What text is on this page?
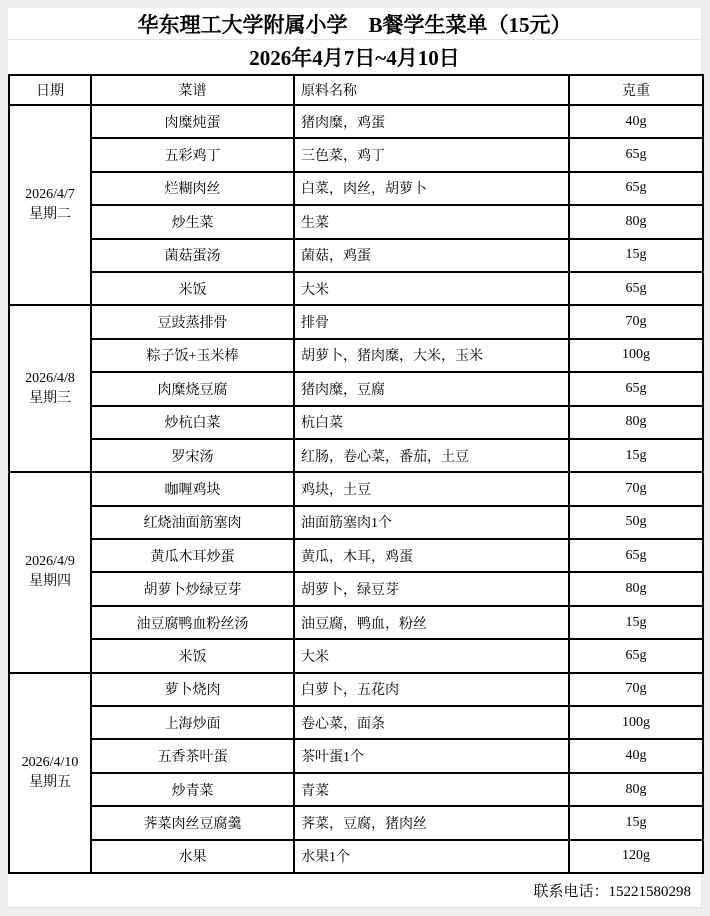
华东理工大学附属小学　B餐学生菜单（15元）
2026年4月7日~4月10日
日期	菜谱	原料名称	克重

2026/4/7
星期二	肉糜炖蛋	猪肉糜，鸡蛋	40g
	五彩鸡丁	三色菜，鸡丁	65g
	烂糊肉丝	白菜，肉丝，胡萝卜	65g
	炒生菜	生菜	80g
	菌菇蛋汤	菌菇，鸡蛋	15g
	米饭	大米	65g

2026/4/8
星期三	豆豉蒸排骨	排骨	70g
	粽子饭+玉米棒	胡萝卜，猪肉糜，大米，玉米	100g
	肉糜烧豆腐	猪肉糜，豆腐	65g
	炒杭白菜	杭白菜	80g
	罗宋汤	红肠，卷心菜，番茄，土豆	15g

2026/4/9
星期四	咖喱鸡块	鸡块，土豆	70g
	红烧油面筋塞肉	油面筋塞肉1个	50g
	黄瓜木耳炒蛋	黄瓜，木耳，鸡蛋	65g
	胡萝卜炒绿豆芽	胡萝卜，绿豆芽	80g
	油豆腐鸭血粉丝汤	油豆腐，鸭血，粉丝	15g
	米饭	大米	65g

2026/4/10
星期五	萝卜烧肉	白萝卜，五花肉	70g
	上海炒面	卷心菜，面条	100g
	五香茶叶蛋	茶叶蛋1个	40g
	炒青菜	青菜	80g
	荠菜肉丝豆腐羹	荠菜，豆腐，猪肉丝	15g
	水果	水果1个	120g
联系电话：15221580298
